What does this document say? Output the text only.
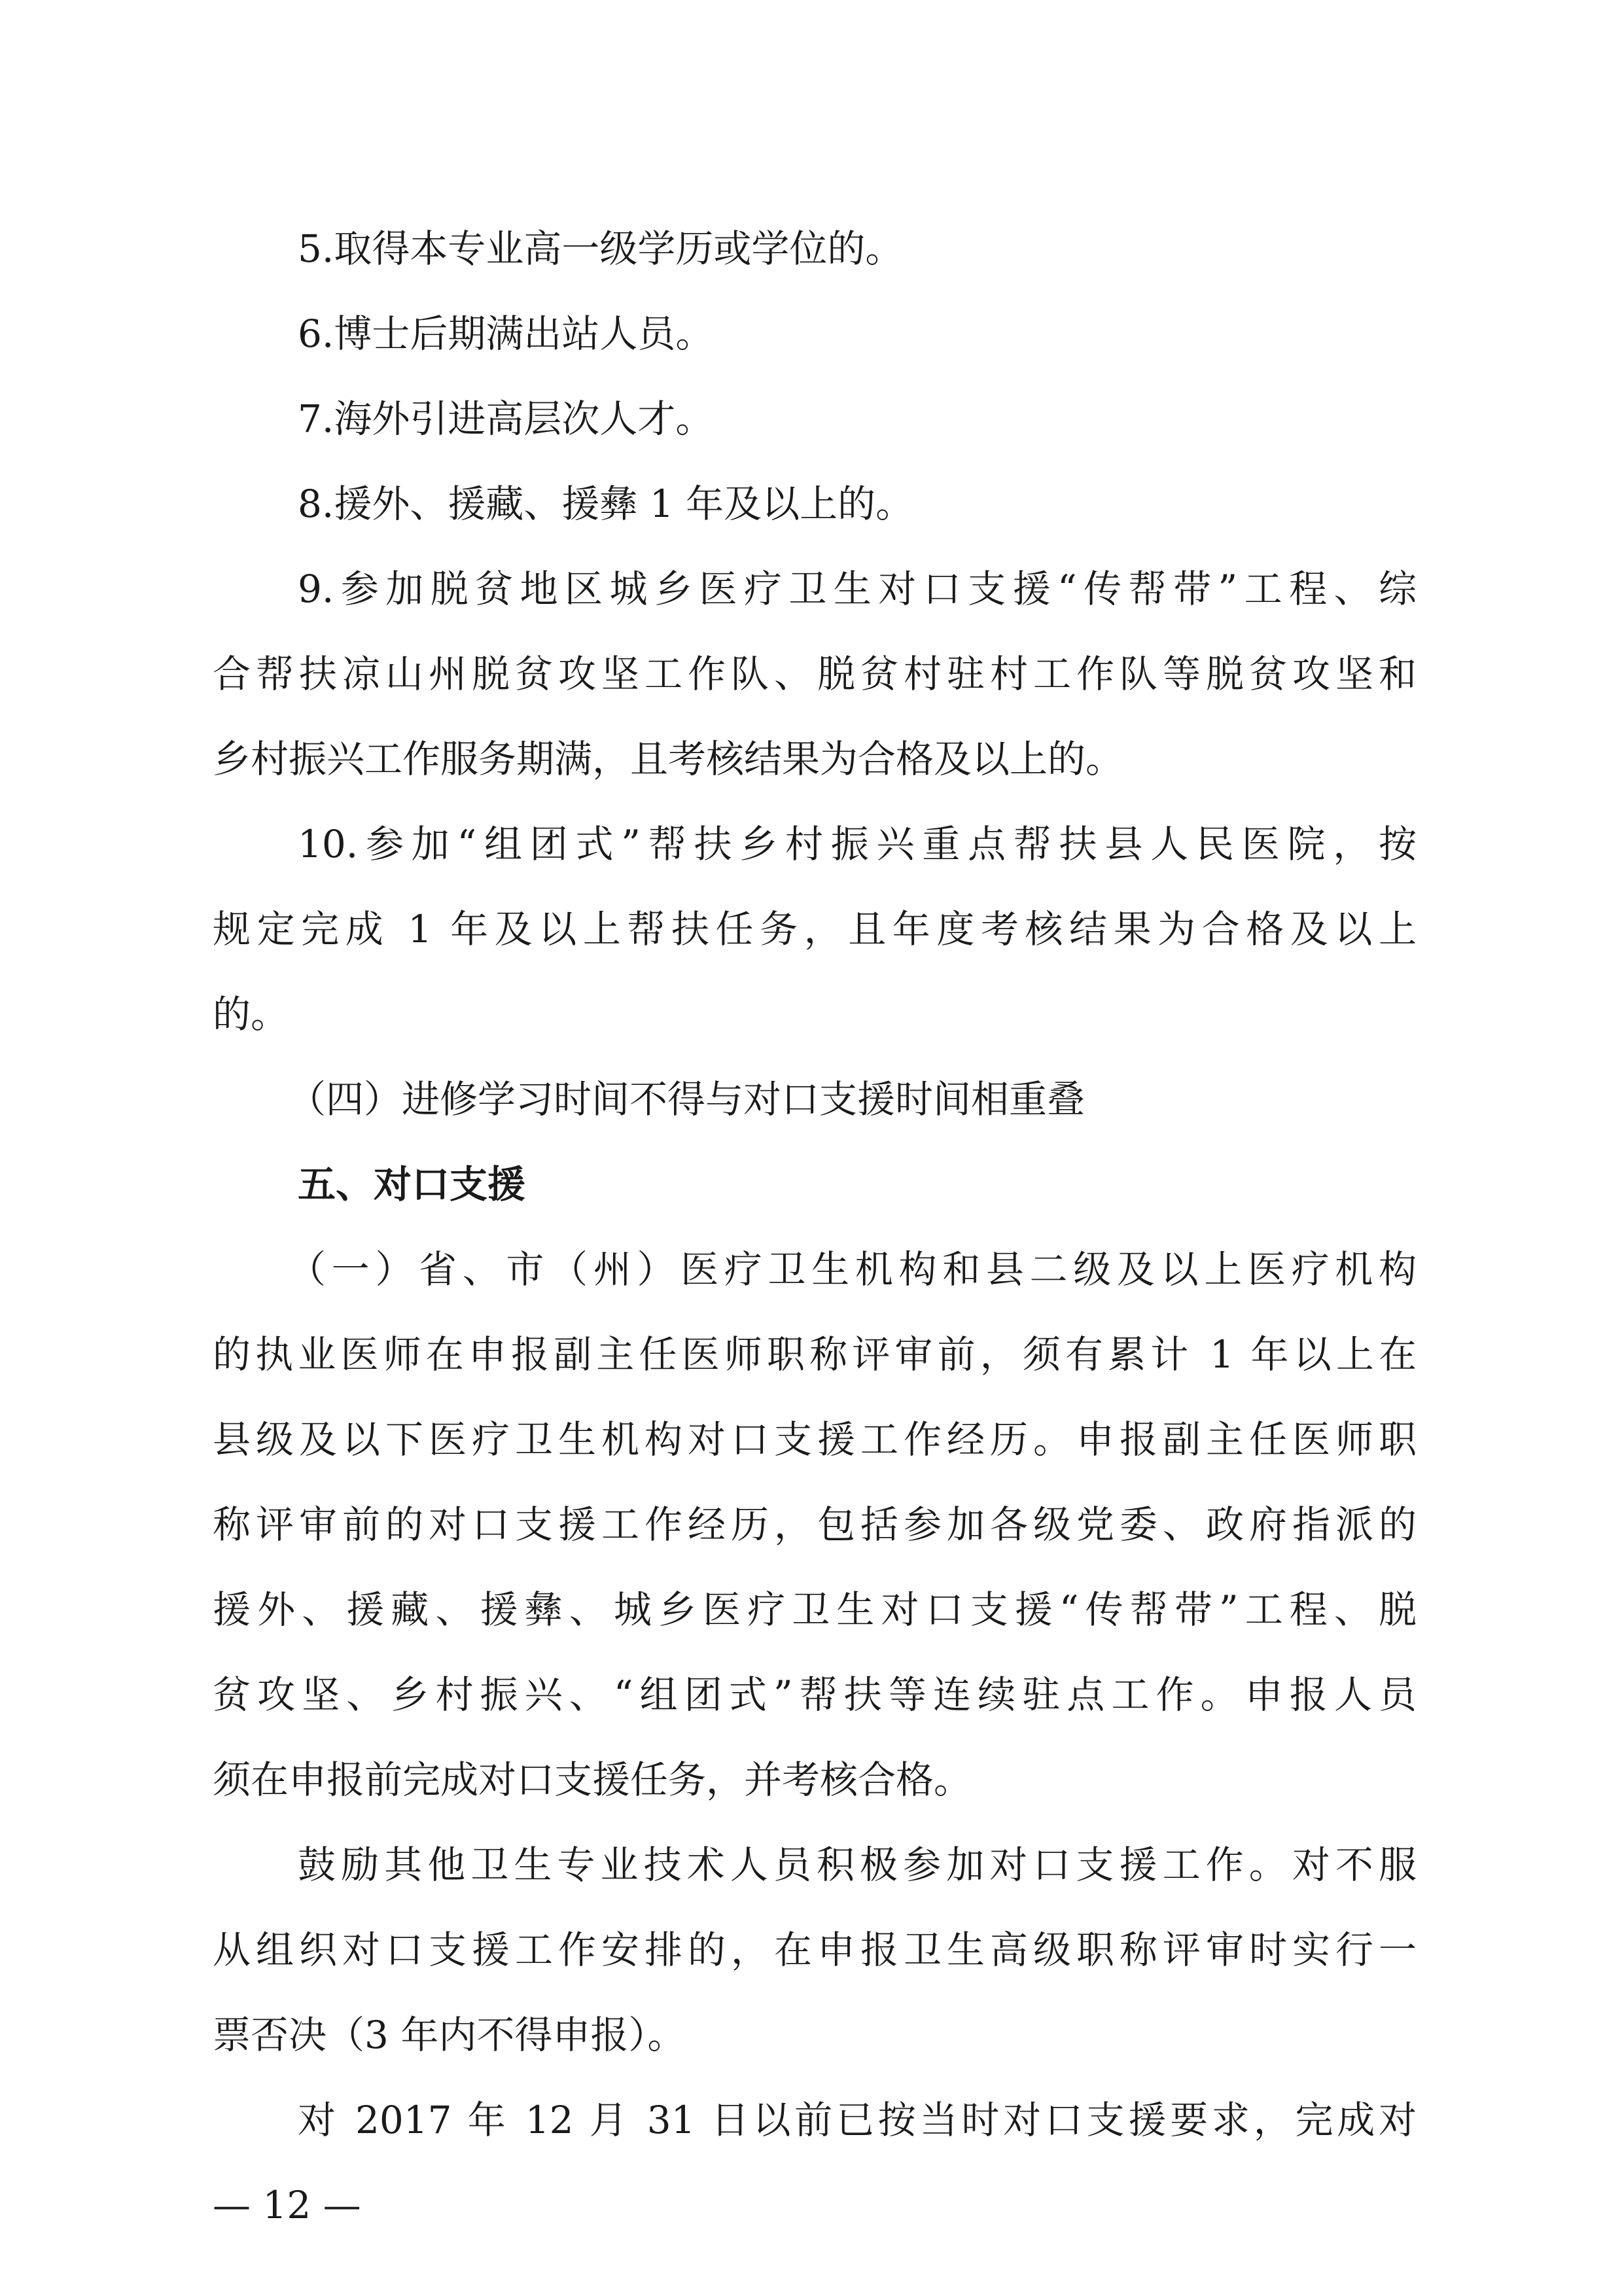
5.取得本专业高一级学历或学位的。
6.博士后期满出站人员。
7.海外引进高层次人才。
8.援外、援藏、援彝 1 年及以上的。
9.参加脱贫地区城乡医疗卫生对口支援“传帮带”工程、综
合帮扶凉山州脱贫攻坚工作队、脱贫村驻村工作队等脱贫攻坚和
乡村振兴工作服务期满，且考核结果为合格及以上的。
10.参加“组团式”帮扶乡村振兴重点帮扶县人民医院，按
规定完成 1 年及以上帮扶任务，且年度考核结果为合格及以上
的。
（四）进修学习时间不得与对口支援时间相重叠
五、对口支援
（一）省、市（州）医疗卫生机构和县二级及以上医疗机构
的执业医师在申报副主任医师职称评审前，须有累计 1 年以上在
县级及以下医疗卫生机构对口支援工作经历。申报副主任医师职
称评审前的对口支援工作经历，包括参加各级党委、政府指派的
援外、援藏、援彝、城乡医疗卫生对口支援“传帮带”工程、脱
贫攻坚、乡村振兴、“组团式”帮扶等连续驻点工作。申报人员
须在申报前完成对口支援任务，并考核合格。
鼓励其他卫生专业技术人员积极参加对口支援工作。对不服
从组织对口支援工作安排的，在申报卫生高级职称评审时实行一
票否决（3 年内不得申报）。
对 2017 年 12 月 31 日以前已按当时对口支援要求，完成对
— 12 —
